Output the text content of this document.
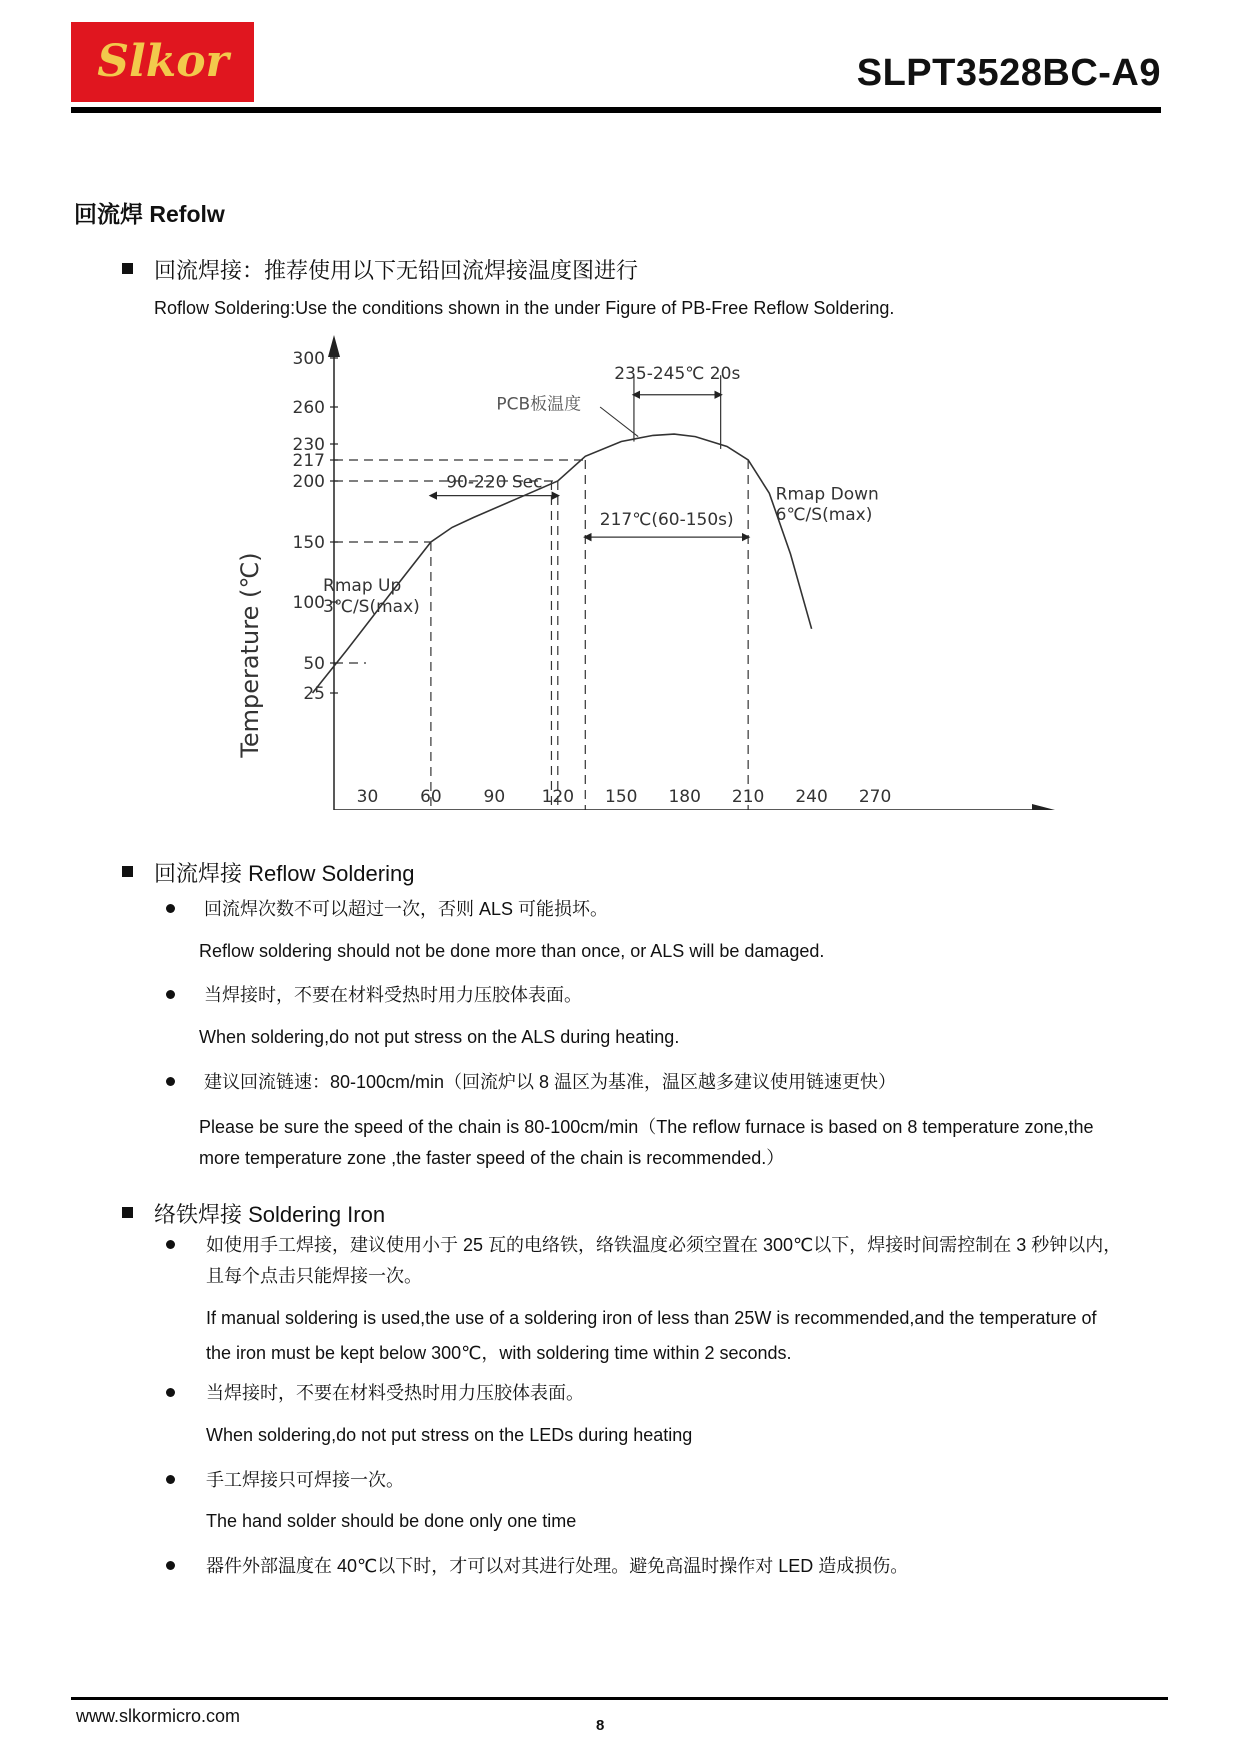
Slkor	SLPT3528BC-A9
回流焊 Refolw
回流焊接：推荐使用以下无铅回流焊接温度图进行
Roflow Soldering:Use the conditions shown in the under Figure of PB-Free Reflow Soldering.
25
50
100
150
200
217
230
260
300
30 60 90 120 150 180 210 240 270
90-220 Sec
217℃(60-150s)
235-245℃ 20s
PCB板温度
Rmap Down
6℃/S(max)
Rmap Up
3℃/S(max)
Temperature (℃)
回流焊接 Reflow Soldering
回流焊次数不可以超过一次，否则 ALS 可能损坏。
Reflow soldering should not be done more than once, or ALS will be damaged.
当焊接时，不要在材料受热时用力压胶体表面。
When soldering,do not put stress on the ALS during heating.
建议回流链速：80-100cm/min（回流炉以 8 温区为基准，温区越多建议使用链速更快）
Please be sure the speed of the chain is 80-100cm/min（The reflow furnace is based on 8 temperature zone,the
more temperature zone ,the faster speed of the chain is recommended.）
络铁焊接 Soldering Iron
如使用手工焊接，建议使用小于 25 瓦的电络铁，络铁温度必须空置在 300℃以下，焊接时间需控制在 3 秒钟以内，
且每个点击只能焊接一次。
If manual soldering is used,the use of a soldering iron of less than 25W is recommended,and the temperature of
the iron must be kept below 300℃，with soldering time within 2 seconds.
当焊接时，不要在材料受热时用力压胶体表面。
When soldering,do not put stress on the LEDs during heating
手工焊接只可焊接一次。
The hand solder should be done only one time
器件外部温度在 40℃以下时，才可以对其进行处理。避免高温时操作对 LED 造成损伤。
www.slkormicro.com	8
